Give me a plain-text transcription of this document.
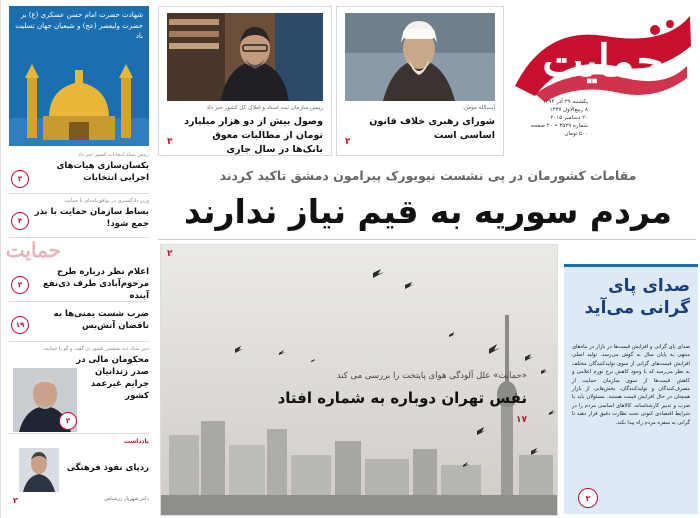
حمایت
یکشنبه ۲۹ آذر ۱۳۹۴
۸ ربیع‌الاول ۱۴۳۷
۲۰ دسامبر ۲۰۱۵
شماره ۳۵۲۹ • ۲۰ صفحه
۵۰۰ تومان
آیت‌الله مومن:
شورای رهبری خلاف قانون اساسی است
۲
رییس سازمان ثبت اسناد و املاک کل کشور خبر داد
وصول بیش از دو هزار میلیارد تومان از مطالبات معوق بانک‌ها در سال جاری
۳
شهادت حضرت امام حسن عسکری (ع) بر حضرت ولیعصر (عج) و شیعیان جهان تسلیت باد
رییس ستاد انتخابات کشور خبر داد
یکسان‌سازی هیات‌های اجرایی انتخابات
۳
وزیر دادگستری در توافق‌نامه‌ای با حمایت
بساط سازمان حمایت با بذر جمع شود!
۴
حمایت
اعلام نظر درباره طرح مرحوم‌آبادی طرف ذی‌نفع آینده
۳
ضرب شست یمنی‌ها به ناقضان آتش‌بس
۱۹
دبیر ستاد دیه بخشش کشور در گفت و گو با حمایت:
محکومان مالی در صدر زندانیان جرایم غیرعمد کشور
۳
یادداشت
ردپای نفوذ فرهنگی
دکتر شهریار زرشناس
۲
مقامات کشورمان در پی نشست نیویورک پیرامون دمشق تاکید کردند
مردم سوریه به قیم نیاز ندارند
۲
«حمایت» علل آلودگی هوای پایتخت را بررسی می کند
نفس تهران دوباره به شماره افتاد
۱۷
صدای پای گرانی می‌آید
صدای پای گرانی و افزایش قیمت‌ها در بازار در ماه‌های منتهی به پایان سال به گوش می‌رسد. تولید اصلی افزایش قیمت‌های گرانی از سوی تولیدکنندگان مختلف به نظر می‌رسد که با وجود کاهش نرخ تورم اعلامی و کاهش قیمت‌ها از سوی سازمان حمایت از مصرف‌کنندگان و تولیدکنندگان، بخش‌هایی از بازار همچنان در حال افزایش قیمت هستند. مسئولان باید با ضرب و تدبیر کارشناسانه، کالاهای اساسی مردم را در شرایط اقتصادی کنونی تحت نظارت دقیق قرار دهند تا گرانی به سفره مردم راه پیدا نکند.
۲
